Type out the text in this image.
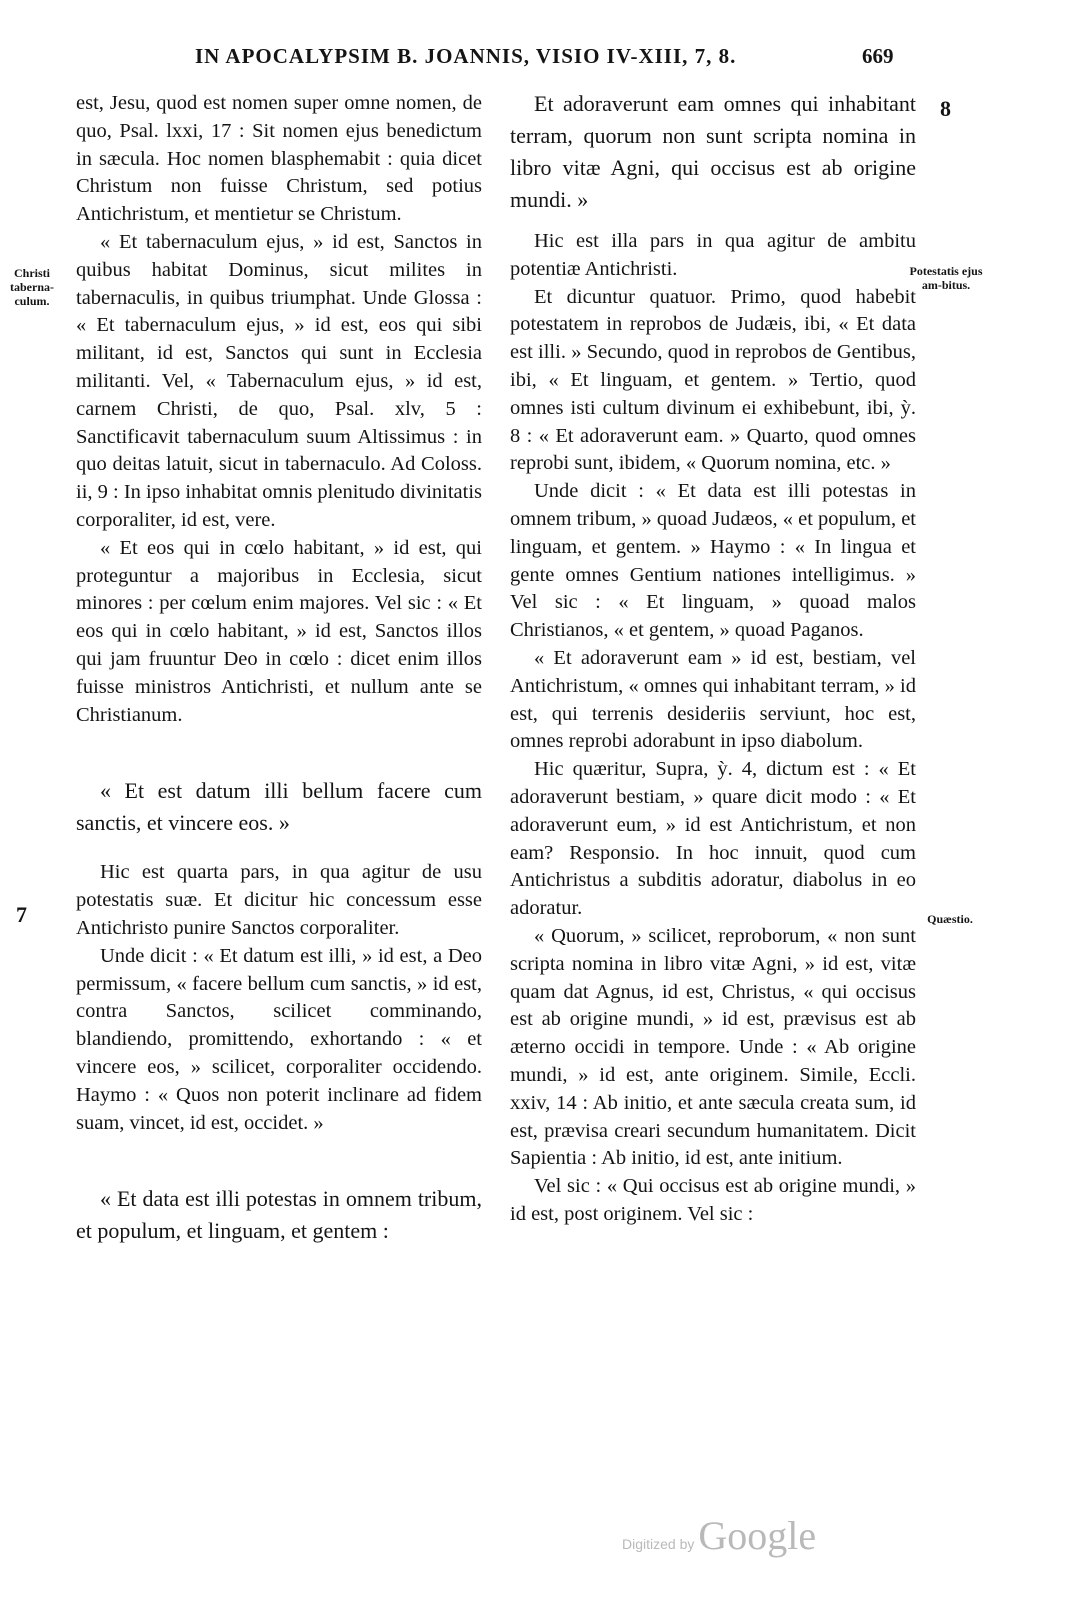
IN APOCALYPSIM B. JOANNIS, VISIO IV-XIII, 7, 8.	669

est, Jesu, quod est nomen super omne nomen, de quo, Psal. lxxi, 17 : Sit nomen ejus benedictum in sæcula. Hoc nomen blasphemabit : quia dicet Christum non fuisse Christum, sed potius Antichristum, et mentietur se Christum.

« Et tabernaculum ejus, » id est, Sanctos in quibus habitat Dominus, sicut milites in tabernaculis, in quibus triumphat. Unde Glossa : « Et tabernaculum ejus, » id est, eos qui sibi militant, id est, Sanctos qui sunt in Ecclesia militanti. Vel, « Tabernaculum ejus, » id est, carnem Christi, de quo, Psal. xlv, 5 : Sanctificavit tabernaculum suum Altissimus : in quo deitas latuit, sicut in tabernaculo. Ad Coloss. ii, 9 : In ipso inhabitat omnis plenitudo divinitatis corporaliter, id est, vere.

« Et eos qui in cœlo habitant, » id est, qui proteguntur a majoribus in Ecclesia, sicut minores : per cœlum enim majores. Vel sic : « Et eos qui in cœlo habitant, » id est, Sanctos illos qui jam fruuntur Deo in cœlo : dicet enim illos fuisse ministros Antichristi, et nullum ante se Christianum.

« Et est datum illi bellum facere cum sanctis, et vincere eos. »

Hic est quarta pars, in qua agitur de usu potestatis suæ. Et dicitur hic concessum esse Antichristo punire Sanctos corporaliter.

Unde dicit : « Et datum est illi, » id est, a Deo permissum, « facere bellum cum sanctis, » id est, contra Sanctos, scilicet comminando, blandiendo, promittendo, exhortando : « et vincere eos, » scilicet, corporaliter occidendo. Haymo : « Quos non poterit inclinare ad fidem suam, vincet, id est, occidet. »

« Et data est illi potestas in omnem tribum, et populum, et linguam, et gentem :

Et adoraverunt eam omnes qui inhabitant terram, quorum non sunt scripta nomina in libro vitæ Agni, qui occisus est ab origine mundi. »

Hic est illa pars in qua agitur de ambitu potentiæ Antichristi.

Et dicuntur quatuor. Primo, quod habebit potestatem in reprobos de Judæis, ibi, « Et data est illi. » Secundo, quod in reprobos de Gentibus, ibi, « Et linguam, et gentem. » Tertio, quod omnes isti cultum divinum ei exhibebunt, ibi, ỳ. 8 : « Et adoraverunt eam. » Quarto, quod omnes reprobi sunt, ibidem, « Quorum nomina, etc. »

Unde dicit : « Et data est illi potestas in omnem tribum, » quoad Judæos, « et populum, et linguam, et gentem. » Haymo : « In lingua et gente omnes Gentium nationes intelligimus. » Vel sic : « Et linguam, » quoad malos Christianos, « et gentem, » quoad Paganos.

« Et adoraverunt eam » id est, bestiam, vel Antichristum, « omnes qui inhabitant terram, » id est, qui terrenis desideriis serviunt, hoc est, omnes reprobi adorabunt in ipso diabolum.

Hic quæritur, Supra, ỳ. 4, dictum est : « Et adoraverunt bestiam, » quare dicit modo : « Et adoraverunt eum, » id est Antichristum, et non eam? Responsio. In hoc innuit, quod cum Antichristus a subditis adoratur, diabolus in eo adoratur.

« Quorum, » scilicet, reproborum, « non sunt scripta nomina in libro vitæ Agni, » id est, vitæ quam dat Agnus, id est, Christus, « qui occisus est ab origine mundi, » id est, prævisus est ab æterno occidi in tempore. Unde : « Ab origine mundi, » id est, ante originem. Simile, Eccli. xxiv, 14 : Ab initio, et ante sæcula creata sum, id est, prævisa creari secundum humanitatem. Dicit Sapientia : Ab initio, id est, ante initium.

Vel sic : « Qui occisus est ab origine mundi, » id est, post originem. Vel sic :

8
7
Christi taberna-culum.
Potestatis ejus am-bitus.
Quæstio.
Digitized by Google
